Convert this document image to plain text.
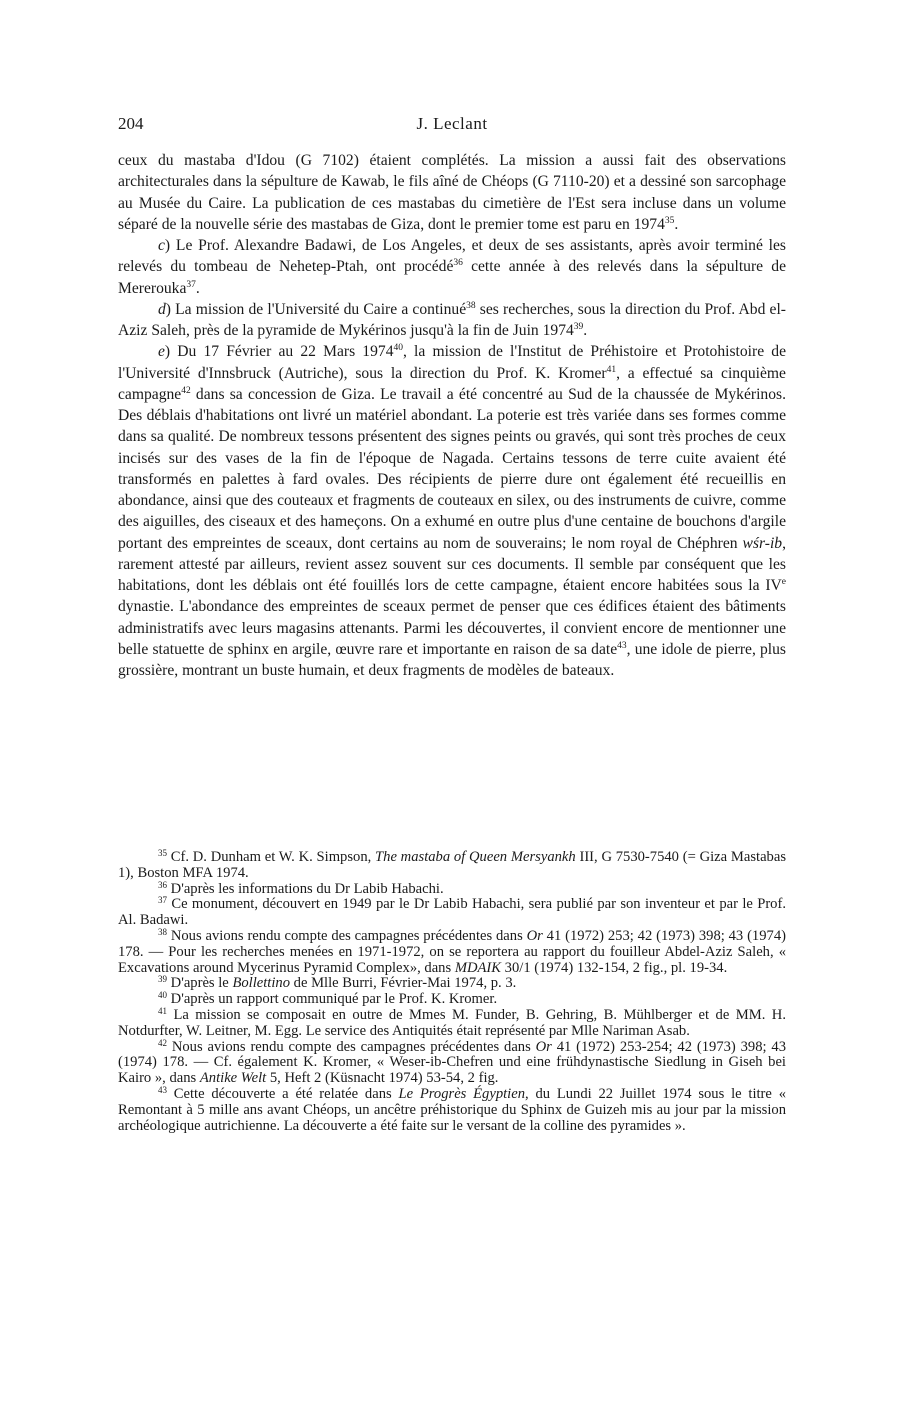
204	J. Leclant

ceux du mastaba d'Idou (G 7102) étaient complétés. La mission a aussi fait des observations architecturales dans la sépulture de Kawab, le fils aîné de Chéops (G 7110-20) et a dessiné son sarcophage au Musée du Caire. La publication de ces mastabas du cimetière de l'Est sera incluse dans un volume séparé de la nouvelle série des mastabas de Giza, dont le premier tome est paru en 1974$^{35}$.

c) Le Prof. Alexandre Badawi, de Los Angeles, et deux de ses assistants, après avoir terminé les relevés du tombeau de Nehetep-Ptah, ont procédé$^{36}$ cette année à des relevés dans la sépulture de Mererouka$^{37}$.

d) La mission de l'Université du Caire a continué$^{38}$ ses recherches, sous la direction du Prof. Abd el-Aziz Saleh, près de la pyramide de Mykérinos jusqu'à la fin de Juin 1974$^{39}$.

e) Du 17 Février au 22 Mars 1974$^{40}$, la mission de l'Institut de Préhistoire et Protohistoire de l'Université d'Innsbruck (Autriche), sous la direction du Prof. K. Kromer$^{41}$, a effectué sa cinquième campagne$^{42}$ dans sa concession de Giza. Le travail a été concentré au Sud de la chaussée de Mykérinos. Des déblais d'habitations ont livré un matériel abondant. La poterie est très variée dans ses formes comme dans sa qualité. De nombreux tessons présentent des signes peints ou gravés, qui sont très proches de ceux incisés sur des vases de la fin de l'époque de Nagada. Certains tessons de terre cuite avaient été transformés en palettes à fard ovales. Des récipients de pierre dure ont également été recueillis en abondance, ainsi que des couteaux et fragments de couteaux en silex, ou des instruments de cuivre, comme des aiguilles, des ciseaux et des hameçons. On a exhumé en outre plus d'une centaine de bouchons d'argile portant des empreintes de sceaux, dont certains au nom de souverains; le nom royal de Chéphren wśr-ib, rarement attesté par ailleurs, revient assez souvent sur ces documents. Il semble par conséquent que les habitations, dont les déblais ont été fouillés lors de cette campagne, étaient encore habitées sous la IVe dynastie. L'abondance des empreintes de sceaux permet de penser que ces édifices étaient des bâtiments administratifs avec leurs magasins attenants. Parmi les découvertes, il convient encore de mentionner une belle statuette de sphinx en argile, œuvre rare et importante en raison de sa date$^{43}$, une idole de pierre, plus grossière, montrant un buste humain, et deux fragments de modèles de bateaux.

$^{35}$ Cf. D. Dunham et W. K. Simpson, The mastaba of Queen Mersyankh III, G 7530-7540 (= Giza Mastabas 1), Boston MFA 1974.

$^{36}$ D'après les informations du Dr Labib Habachi.

$^{37}$ Ce monument, découvert en 1949 par le Dr Labib Habachi, sera publié par son inventeur et par le Prof. Al. Badawi.

$^{38}$ Nous avions rendu compte des campagnes précédentes dans Or 41 (1972) 253; 42 (1973) 398; 43 (1974) 178. — Pour les recherches menées en 1971-1972, on se reportera au rapport du fouilleur Abdel-Aziz Saleh, « Excavations around Mycerinus Pyramid Complex», dans MDAIK 30/1 (1974) 132-154, 2 fig., pl. 19-34.

$^{39}$ D'après le Bollettino de Mlle Burri, Février-Mai 1974, p. 3.

$^{40}$ D'après un rapport communiqué par le Prof. K. Kromer.

$^{41}$ La mission se composait en outre de Mmes M. Funder, B. Gehring, B. Mühlberger et de MM. H. Notdurfter, W. Leitner, M. Egg. Le service des Antiquités était représenté par Mlle Nariman Asab.

$^{42}$ Nous avions rendu compte des campagnes précédentes dans Or 41 (1972) 253-254; 42 (1973) 398; 43 (1974) 178. — Cf. également K. Kromer, « Weser-ib-Chefren und eine frühdynastische Siedlung in Giseh bei Kairo », dans Antike Welt 5, Heft 2 (Küsnacht 1974) 53-54, 2 fig.

$^{43}$ Cette découverte a été relatée dans Le Progrès Égyptien, du Lundi 22 Juillet 1974 sous le titre « Remontant à 5 mille ans avant Chéops, un ancêtre préhistorique du Sphinx de Guizeh mis au jour par la mission archéologique autrichienne. La découverte a été faite sur le versant de la colline des pyramides ».
